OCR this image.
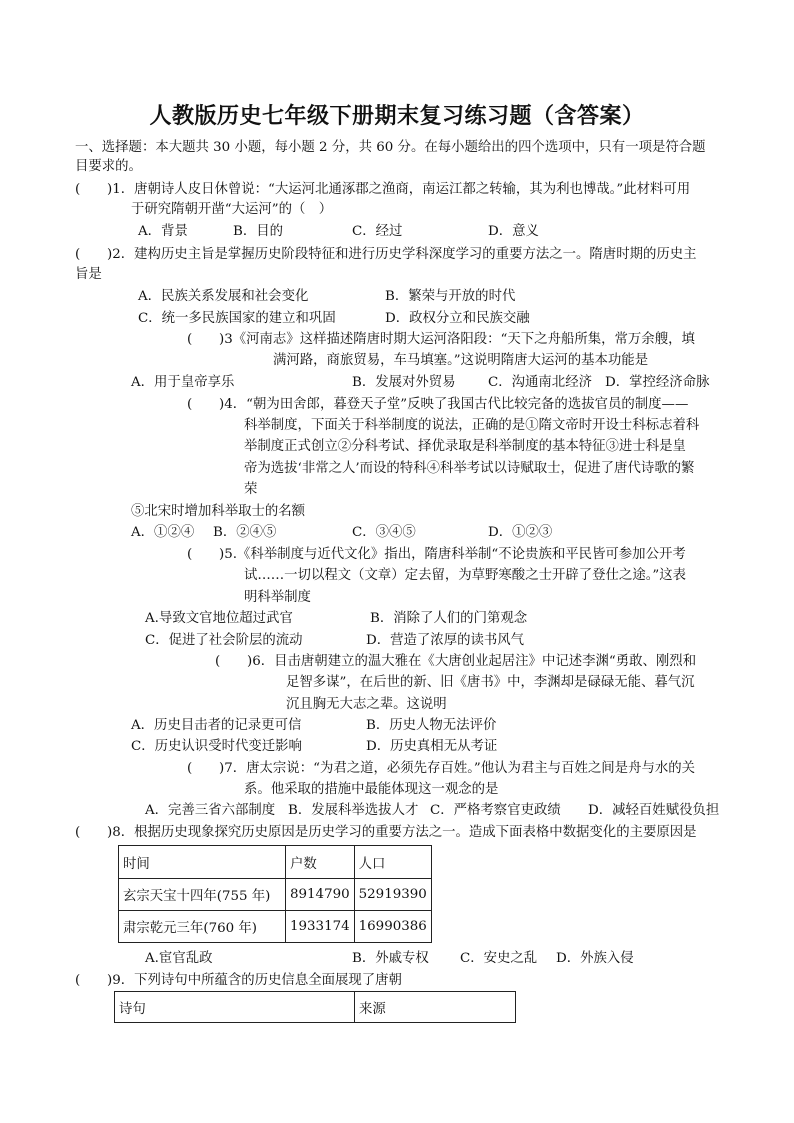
人教版历史七年级下册期末复习练习题（含答案）
一、选择题：本大题共 30 小题，每小题 2 分，共 60 分。在每小题给出的四个选项中，只有一项是符合题
目要求的。
(　　)1．唐朝诗人皮日休曾说：“大运河北通涿郡之渔商，南运江都之转输，其为利也博哉。”此材料可用
于研究隋朝开凿“大运河”的（　）
A．背景	B．目的	C．经过	D．意义
(　　)2．建构历史主旨是掌握历史阶段特征和进行历史学科深度学习的重要方法之一。隋唐时期的历史主
旨是
A．民族关系发展和社会变化	B．繁荣与开放的时代
C．统一多民族国家的建立和巩固	D．政权分立和民族交融
(　　)3《河南志》这样描述隋唐时期大运河洛阳段：“天下之舟船所集，常万余艘，填
满河路，商旅贸易，车马填塞。”这说明隋唐大运河的基本功能是
A．用于皇帝享乐	B．发展对外贸易 C．沟通南北经济 D．掌控经济命脉
(　　)4．“朝为田舍郎，暮登天子堂”反映了我国古代比较完备的选拔官员的制度——
科举制度，下面关于科举制度的说法，正确的是①隋文帝时开设士科标志着科
举制度正式创立②分科考试、择优录取是科举制度的基本特征③进士科是皇
帝为选拔‘非常之人’而设的特科④科举考试以诗赋取士，促进了唐代诗歌的繁
荣
⑤北宋时增加科举取士的名额
A．①②④ B．②④⑤	C．③④⑤	D．①②③
(　　)5.《科举制度与近代文化》指出，隋唐科举制“不论贵族和平民皆可参加公开考
试……一切以程文（文章）定去留，为草野寒酸之士开辟了登仕之途。”这表
明科举制度
A.导致文官地位超过武官	B．消除了人们的门第观念
C．促进了社会阶层的流动	D．营造了浓厚的读书风气
(　　)6．目击唐朝建立的温大雅在《大唐创业起居注》中记述李渊“勇敢、刚烈和
足智多谋”，在后世的新、旧《唐书》中，李渊却是碌碌无能、暮气沉
沉且胸无大志之辈。这说明
A．历史目击者的记录更可信	B．历史人物无法评价
C．历史认识受时代变迁影响	D．历史真相无从考证
(　　)7．唐太宗说：“为君之道，必须先存百姓。”他认为君主与百姓之间是舟与水的关
系。他采取的措施中最能体现这一观念的是
A．完善三省六部制度 B．发展科举选拔人才 C．严格考察官吏政绩 D．减轻百姓赋役负担
(　　)8．根据历史现象探究历史原因是历史学习的重要方法之一。造成下面表格中数据变化的主要原因是
时间	户数	人口
玄宗天宝十四年(755 年)	8914790	52919390
肃宗乾元三年(760 年)	1933174	16990386
A.宦官乱政	B．外戚专权 C．安史之乱 D．外族入侵
(　　)9．下列诗句中所蕴含的历史信息全面展现了唐朝
诗句	来源
